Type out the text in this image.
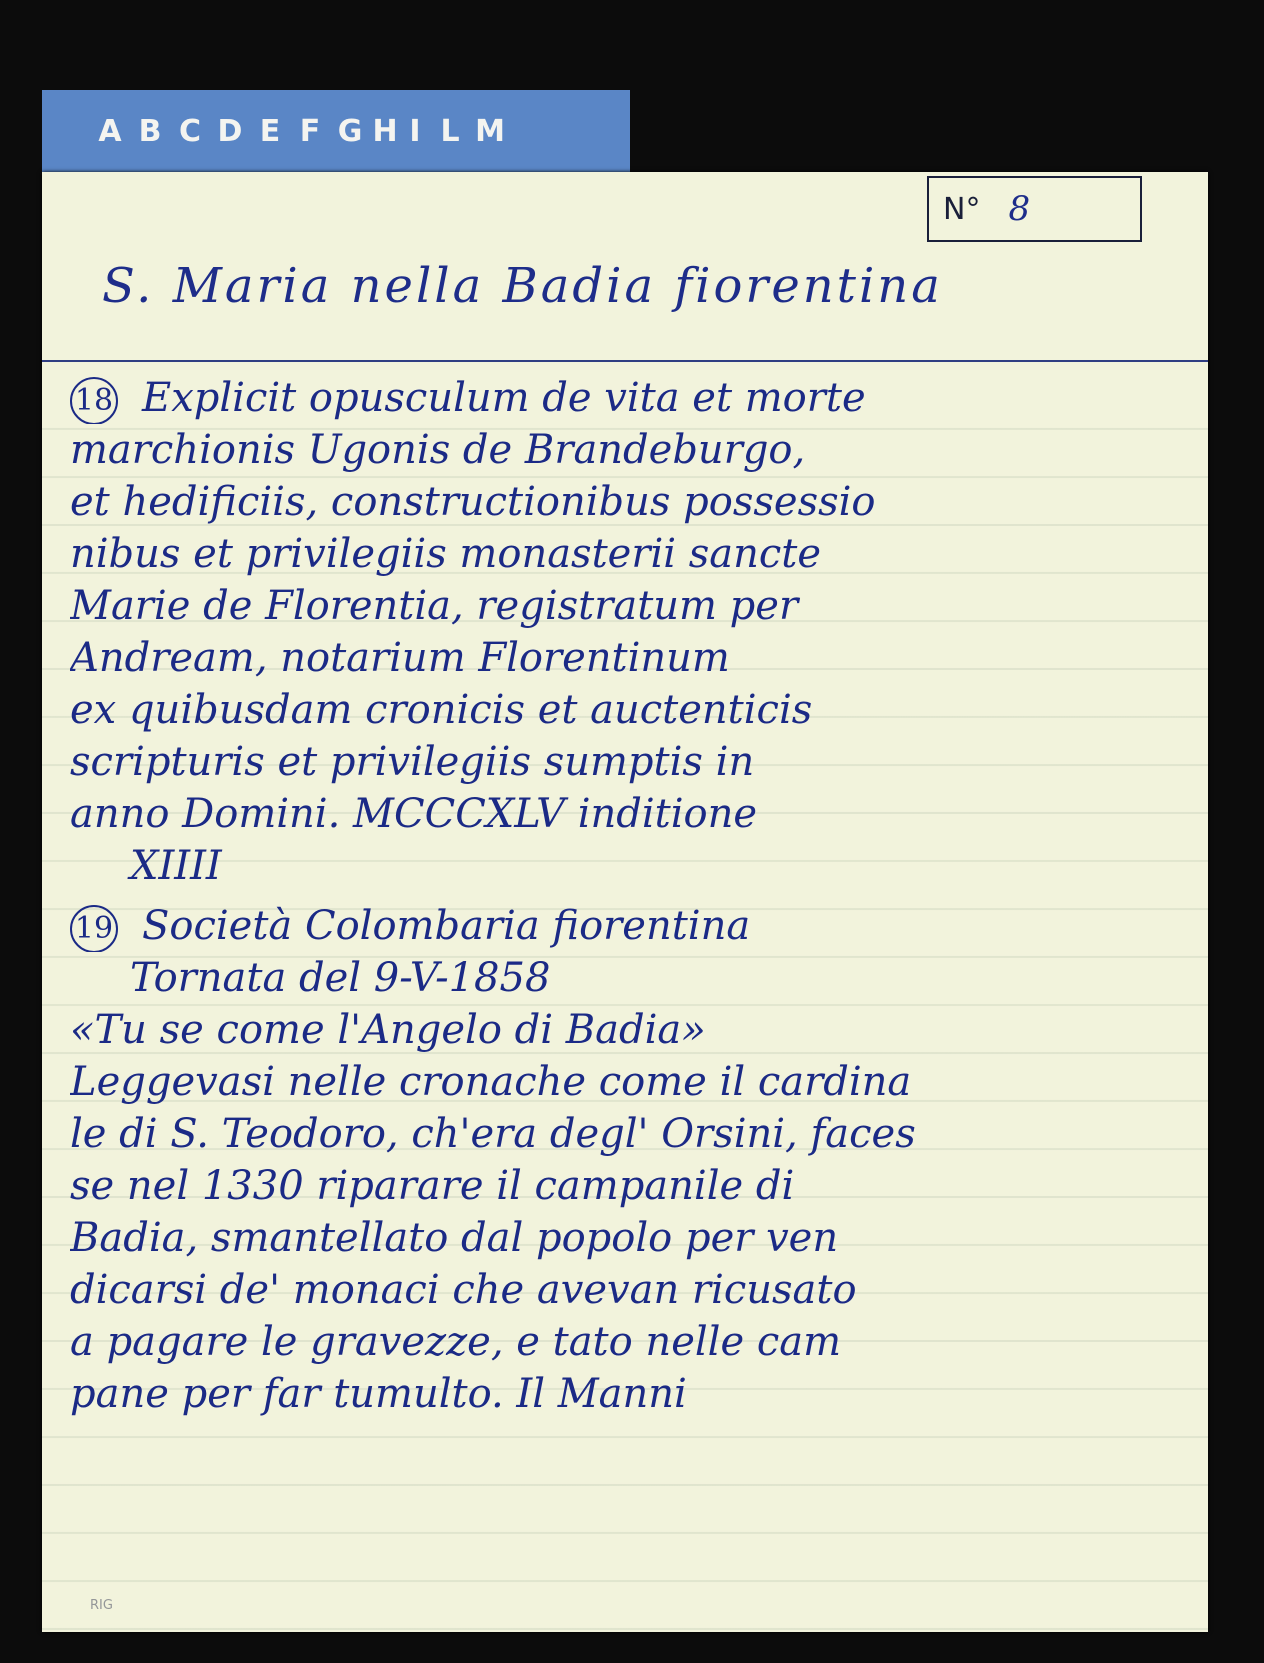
A B C D E F G H I L M
N° 8
S. Maria nella Badia fiorentina
18 Explicit opusculum de vita et morte
marchionis Ugonis de Brandeburgo,
et hedificiis, constructionibus possessio
nibus et privilegiis monasterii sancte
Marie de Florentia, registratum per
Andream, notarium Florentinum
ex quibusdam cronicis et auctenticis
scripturis et privilegiis sumptis in
anno Domini. MCCCXLV inditione
XIIII
19 Società Colombaria fiorentina
Tornata del 9-V-1858
«Tu se come l'Angelo di Badia»
Leggevasi nelle cronache come il cardina
le di S. Teodoro, ch'era degl' Orsini, faces
se nel 1330 riparare il campanile di
Badia, smantellato dal popolo per ven
dicarsi de' monaci che avevan ricusato
a pagare le gravezze, e tato nelle cam
pane per far tumulto. Il Manni
RIG
